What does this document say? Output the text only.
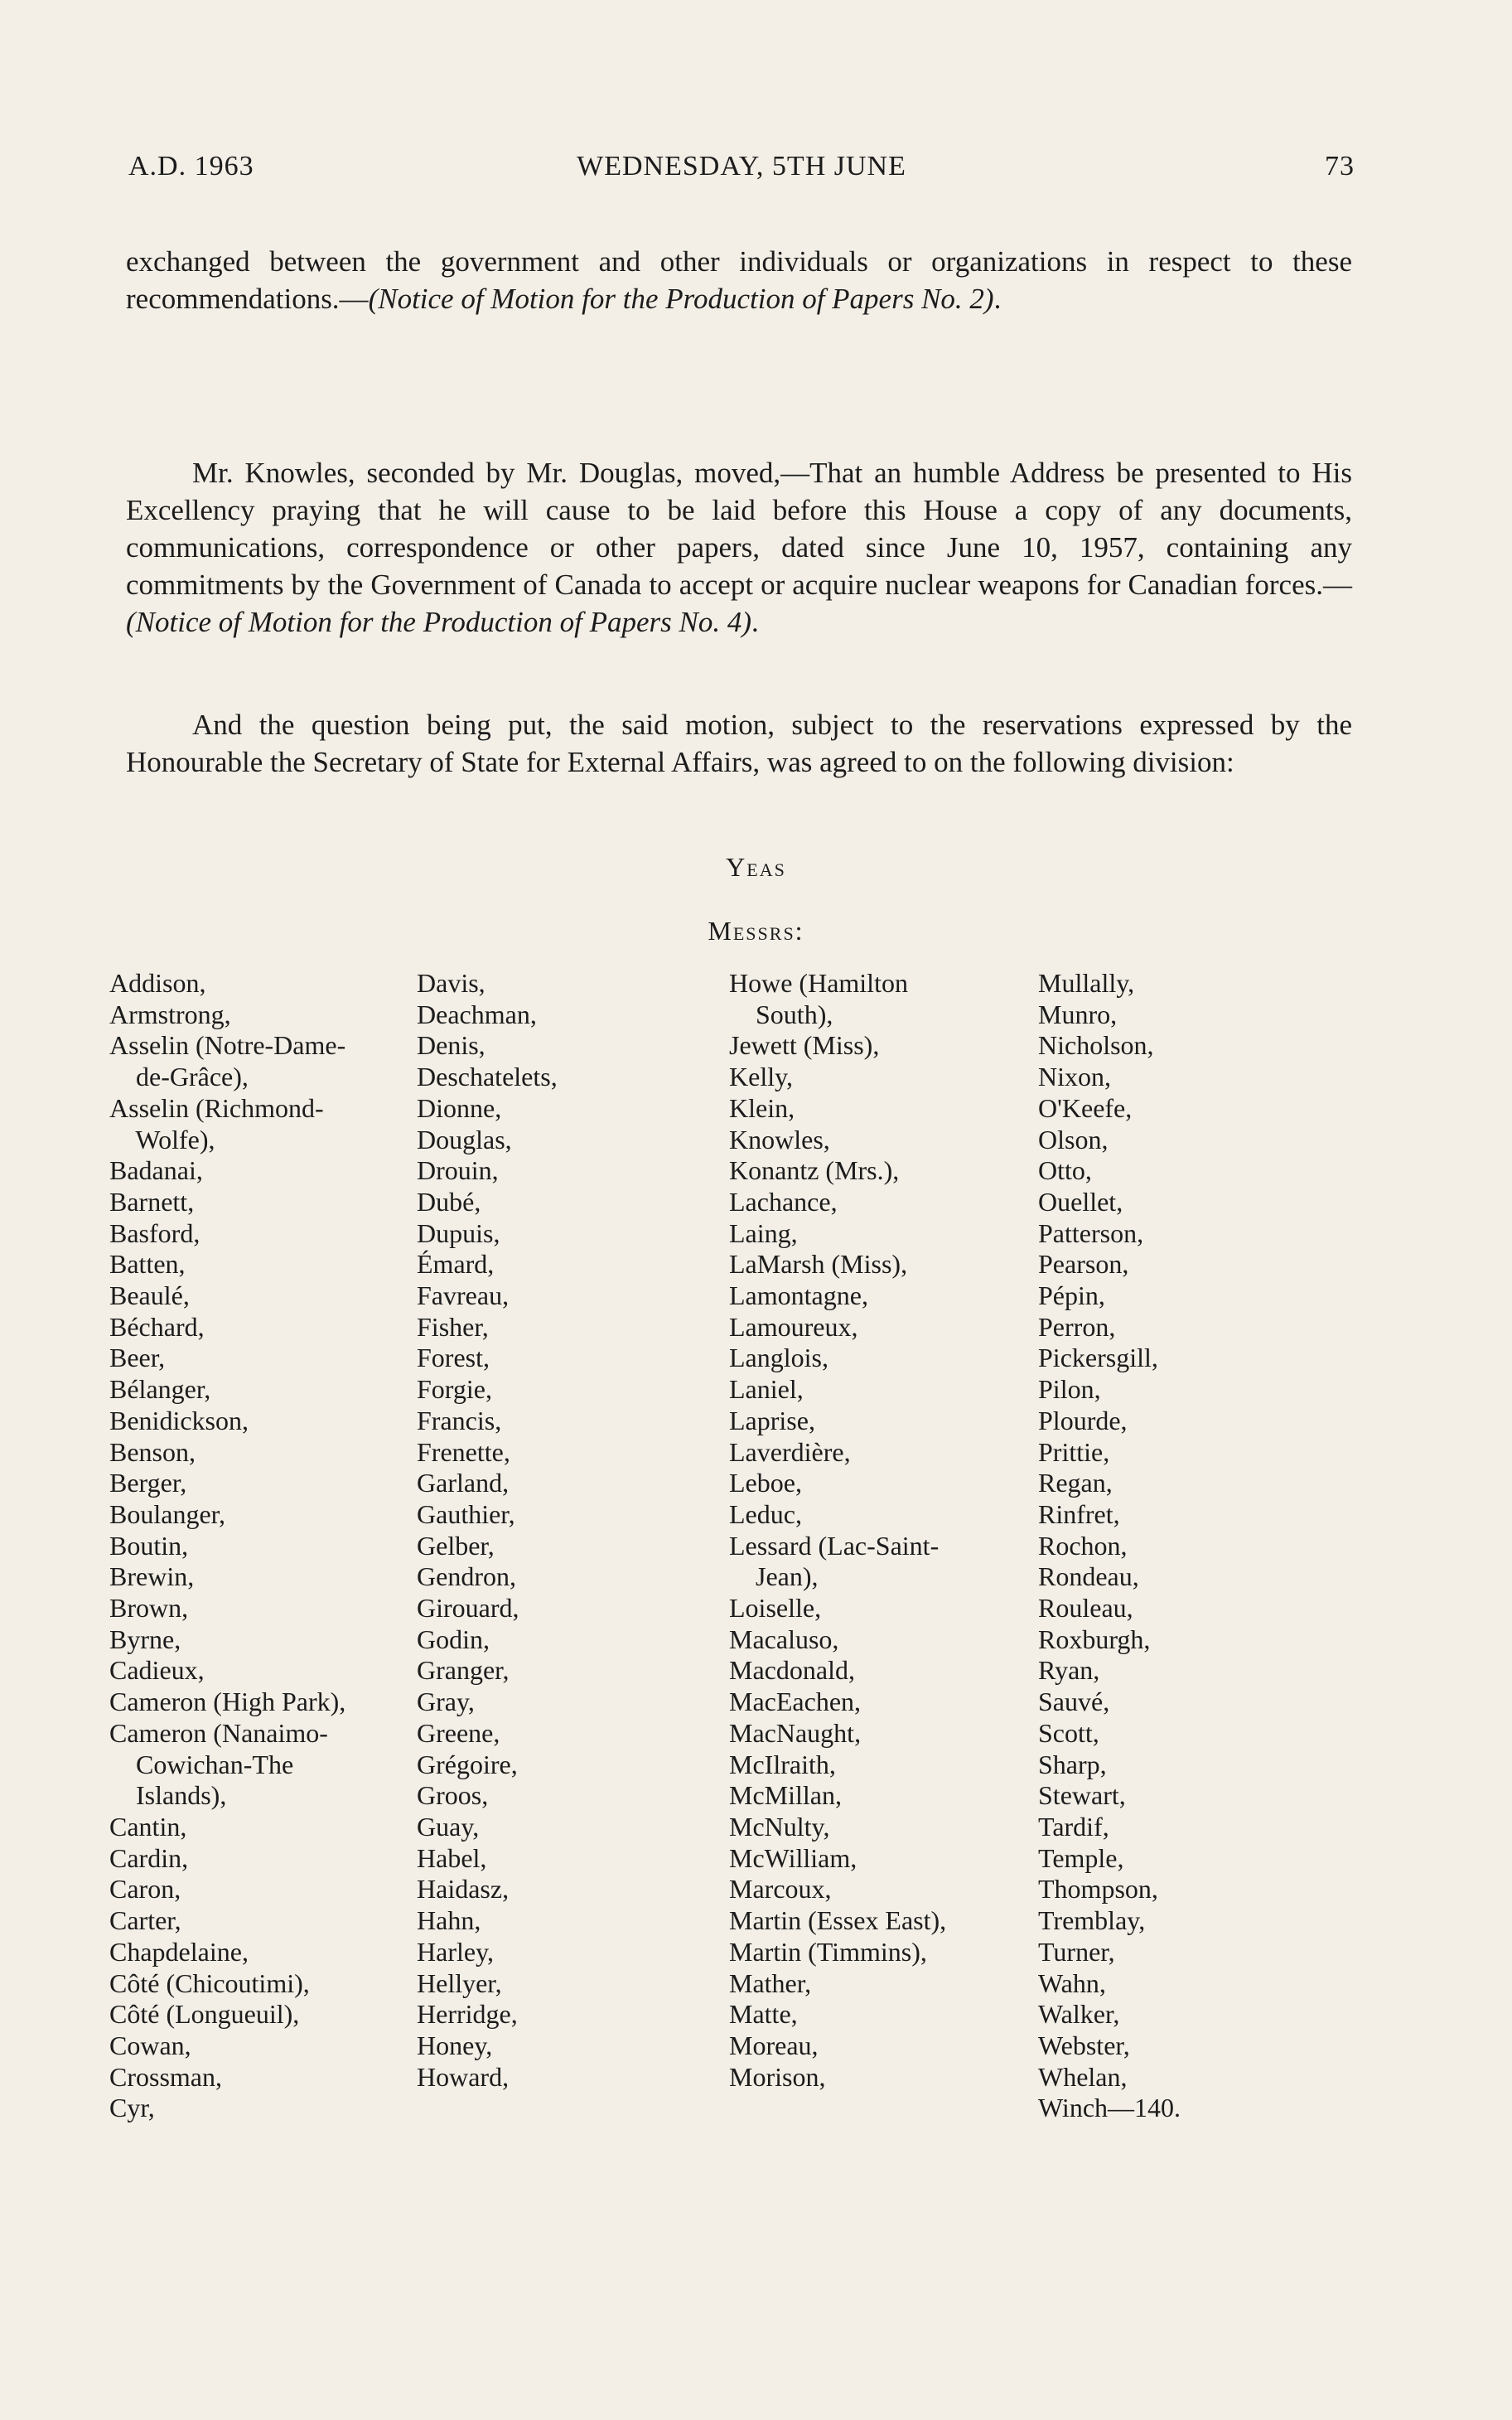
A.D. 1963	WEDNESDAY, 5TH JUNE	73
exchanged between the government and other individuals or organizations in respect to these recommendations.—(Notice of Motion for the Production of Papers No. 2).
Mr. Knowles, seconded by Mr. Douglas, moved,—That an humble Address be presented to His Excellency praying that he will cause to be laid before this House a copy of any documents, communications, correspondence or other papers, dated since June 10, 1957, containing any commitments by the Government of Canada to accept or acquire nuclear weapons for Canadian forces.—(Notice of Motion for the Production of Papers No. 4).
And the question being put, the said motion, subject to the reservations expressed by the Honourable the Secretary of State for External Affairs, was agreed to on the following division:
Yeas
Messrs:
Addison,
Armstrong,
Asselin (Notre-Dame-
de-Grâce),
Asselin (Richmond-
Wolfe),
Badanai,
Barnett,
Basford,
Batten,
Beaulé,
Béchard,
Beer,
Bélanger,
Benidickson,
Benson,
Berger,
Boulanger,
Boutin,
Brewin,
Brown,
Byrne,
Cadieux,
Cameron (High Park),
Cameron (Nanaimo-
Cowichan-The
Islands),
Cantin,
Cardin,
Caron,
Carter,
Chapdelaine,
Côté (Chicoutimi),
Côté (Longueuil),
Cowan,
Crossman,
Cyr,
Davis,
Deachman,
Denis,
Deschatelets,
Dionne,
Douglas,
Drouin,
Dubé,
Dupuis,
Émard,
Favreau,
Fisher,
Forest,
Forgie,
Francis,
Frenette,
Garland,
Gauthier,
Gelber,
Gendron,
Girouard,
Godin,
Granger,
Gray,
Greene,
Grégoire,
Groos,
Guay,
Habel,
Haidasz,
Hahn,
Harley,
Hellyer,
Herridge,
Honey,
Howard,
Howe (Hamilton
South),
Jewett (Miss),
Kelly,
Klein,
Knowles,
Konantz (Mrs.),
Lachance,
Laing,
LaMarsh (Miss),
Lamontagne,
Lamoureux,
Langlois,
Laniel,
Laprise,
Laverdière,
Leboe,
Leduc,
Lessard (Lac-Saint-
Jean),
Loiselle,
Macaluso,
Macdonald,
MacEachen,
MacNaught,
McIlraith,
McMillan,
McNulty,
McWilliam,
Marcoux,
Martin (Essex East),
Martin (Timmins),
Mather,
Matte,
Moreau,
Morison,
Mullally,
Munro,
Nicholson,
Nixon,
O'Keefe,
Olson,
Otto,
Ouellet,
Patterson,
Pearson,
Pépin,
Perron,
Pickersgill,
Pilon,
Plourde,
Prittie,
Regan,
Rinfret,
Rochon,
Rondeau,
Rouleau,
Roxburgh,
Ryan,
Sauvé,
Scott,
Sharp,
Stewart,
Tardif,
Temple,
Thompson,
Tremblay,
Turner,
Wahn,
Walker,
Webster,
Whelan,
Winch—140.
